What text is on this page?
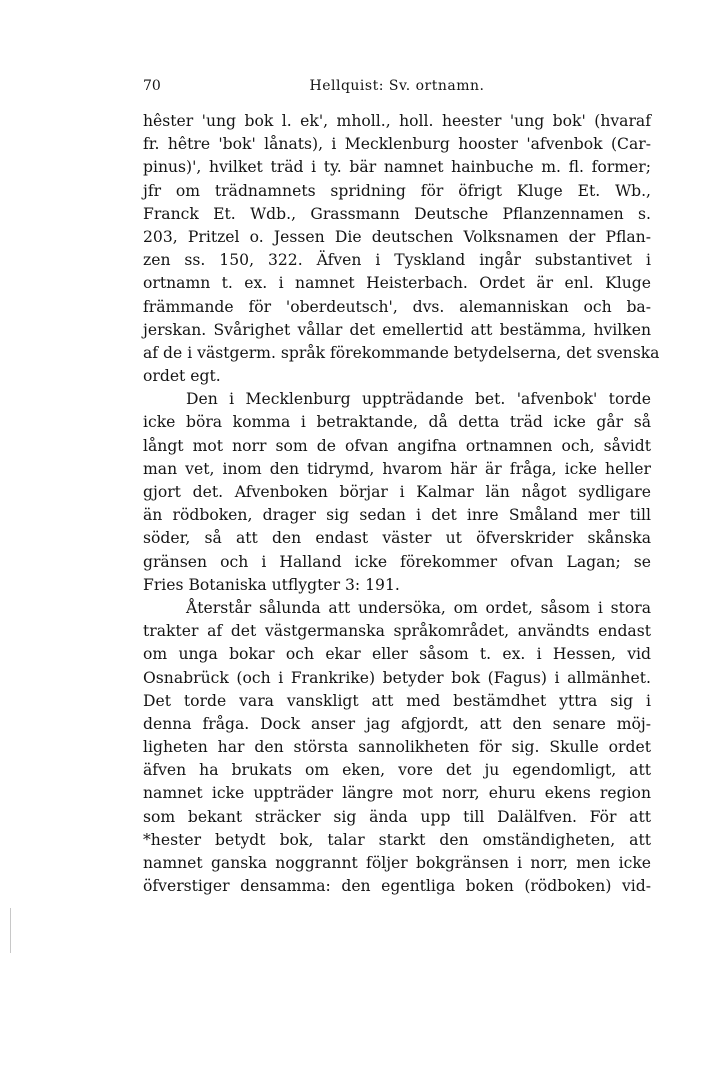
70	Hellquist: Sv. ortnamn.
hêster 'ung bok l. ek', mholl., holl. heester 'ung bok' (hvaraf
fr. hêtre 'bok' lånats), i Mecklenburg hooster 'afvenbok (Car-
pinus)', hvilket träd i ty. bär namnet hainbuche m. fl. former;
jfr om trädnamnets spridning för öfrigt Kluge Et. Wb.,
Franck Et. Wdb., Grassmann Deutsche Pflanzennamen s.
203, Pritzel o. Jessen Die deutschen Volksnamen der Pflan-
zen ss. 150, 322. Äfven i Tyskland ingår substantivet i
ortnamn t. ex. i namnet Heisterbach. Ordet är enl. Kluge
främmande för 'oberdeutsch', dvs. alemanniskan och ba-
jerskan. Svårighet vållar det emellertid att bestämma, hvilken
af de i västgerm. språk förekommande betydelserna, det svenska
ordet egt.
Den i Mecklenburg uppträdande bet. 'afvenbok' torde
icke böra komma i betraktande, då detta träd icke går så
långt mot norr som de ofvan angifna ortnamnen och, såvidt
man vet, inom den tidrymd, hvarom här är fråga, icke heller
gjort det. Afvenboken börjar i Kalmar län något sydligare
än rödboken, drager sig sedan i det inre Småland mer till
söder, så att den endast väster ut öfverskrider skånska
gränsen och i Halland icke förekommer ofvan Lagan; se
Fries Botaniska utflygter 3: 191.
Återstår sålunda att undersöka, om ordet, såsom i stora
trakter af det västgermanska språkområdet, användts endast
om unga bokar och ekar eller såsom t. ex. i Hessen, vid
Osnabrück (och i Frankrike) betyder bok (Fagus) i allmänhet.
Det torde vara vanskligt att med bestämdhet yttra sig i
denna fråga. Dock anser jag afgjordt, att den senare möj-
ligheten har den största sannolikheten för sig. Skulle ordet
äfven ha brukats om eken, vore det ju egendomligt, att
namnet icke uppträder längre mot norr, ehuru ekens region
som bekant sträcker sig ända upp till Dalälfven. För att
*hester betydt bok, talar starkt den omständigheten, att
namnet ganska noggrannt följer bokgränsen i norr, men icke
öfverstiger densamma: den egentliga boken (rödboken) vid-
